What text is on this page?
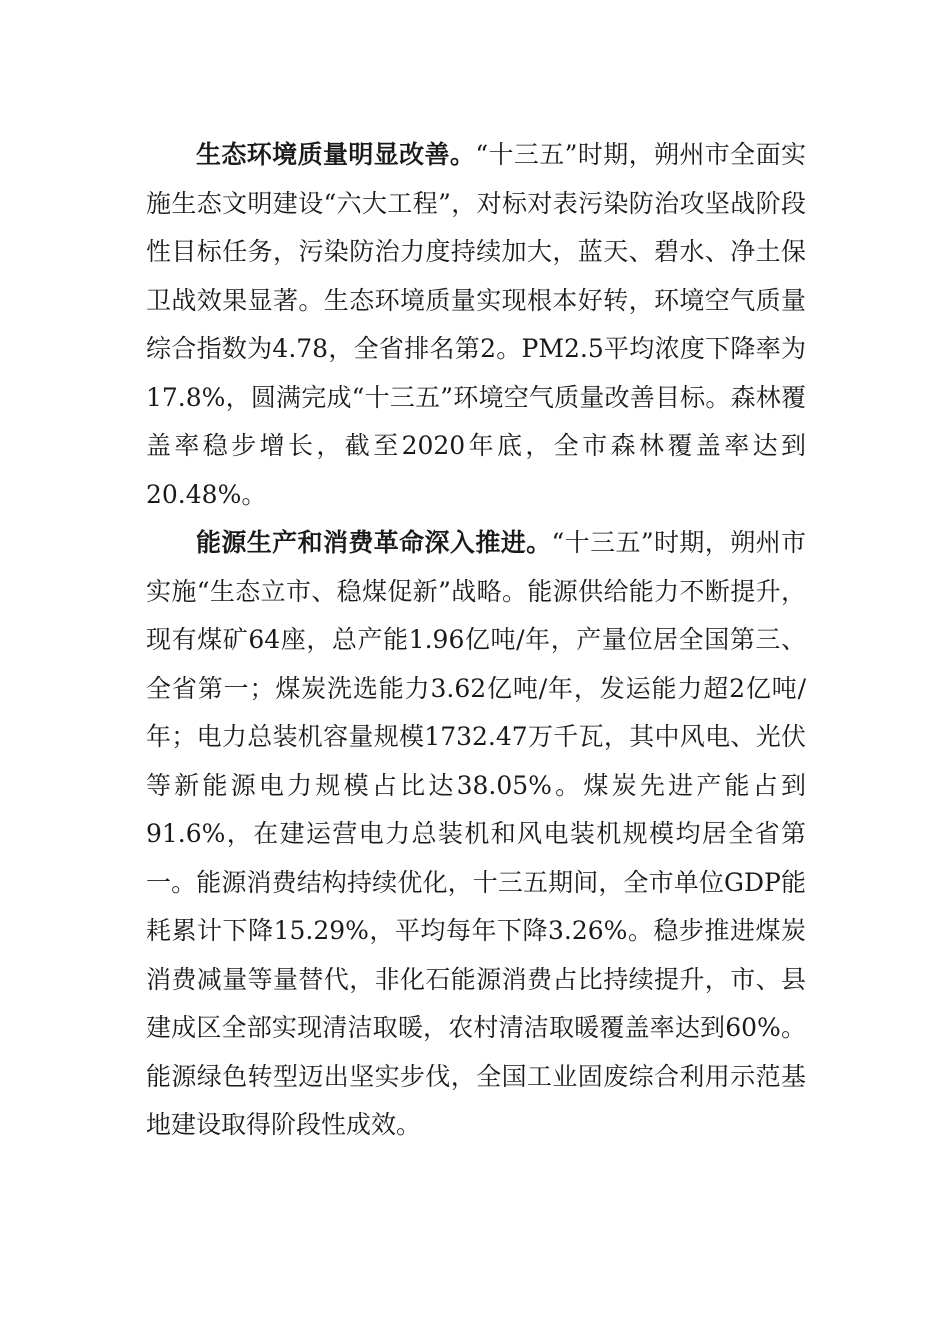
生态环境质量明显改善。“十三五”时期，朔州市全面实施生态文明建设“六大工程”，对标对表污染防治攻坚战阶段性目标任务，污染防治力度持续加大，蓝天、碧水、净土保卫战效果显著。生态环境质量实现根本好转，环境空气质量综合指数为4.78，全省排名第2。PM2.5平均浓度下降率为17.8%，圆满完成“十三五”环境空气质量改善目标。森林覆盖率稳步增长，截至2020年底，全市森林覆盖率达到20.48%。

能源生产和消费革命深入推进。“十三五”时期，朔州市实施“生态立市、稳煤促新”战略。能源供给能力不断提升，现有煤矿64座，总产能1.96亿吨/年，产量位居全国第三、全省第一；煤炭洗选能力3.62亿吨/年，发运能力超2亿吨/年；电力总装机容量规模1732.47万千瓦，其中风电、光伏等新能源电力规模占比达38.05%。煤炭先进产能占到91.6%，在建运营电力总装机和风电装机规模均居全省第一。能源消费结构持续优化，十三五期间，全市单位GDP能耗累计下降15.29%，平均每年下降3.26%。稳步推进煤炭消费减量等量替代，非化石能源消费占比持续提升，市、县建成区全部实现清洁取暖，农村清洁取暖覆盖率达到60%。能源绿色转型迈出坚实步伐，全国工业固废综合利用示范基地建设取得阶段性成效。
